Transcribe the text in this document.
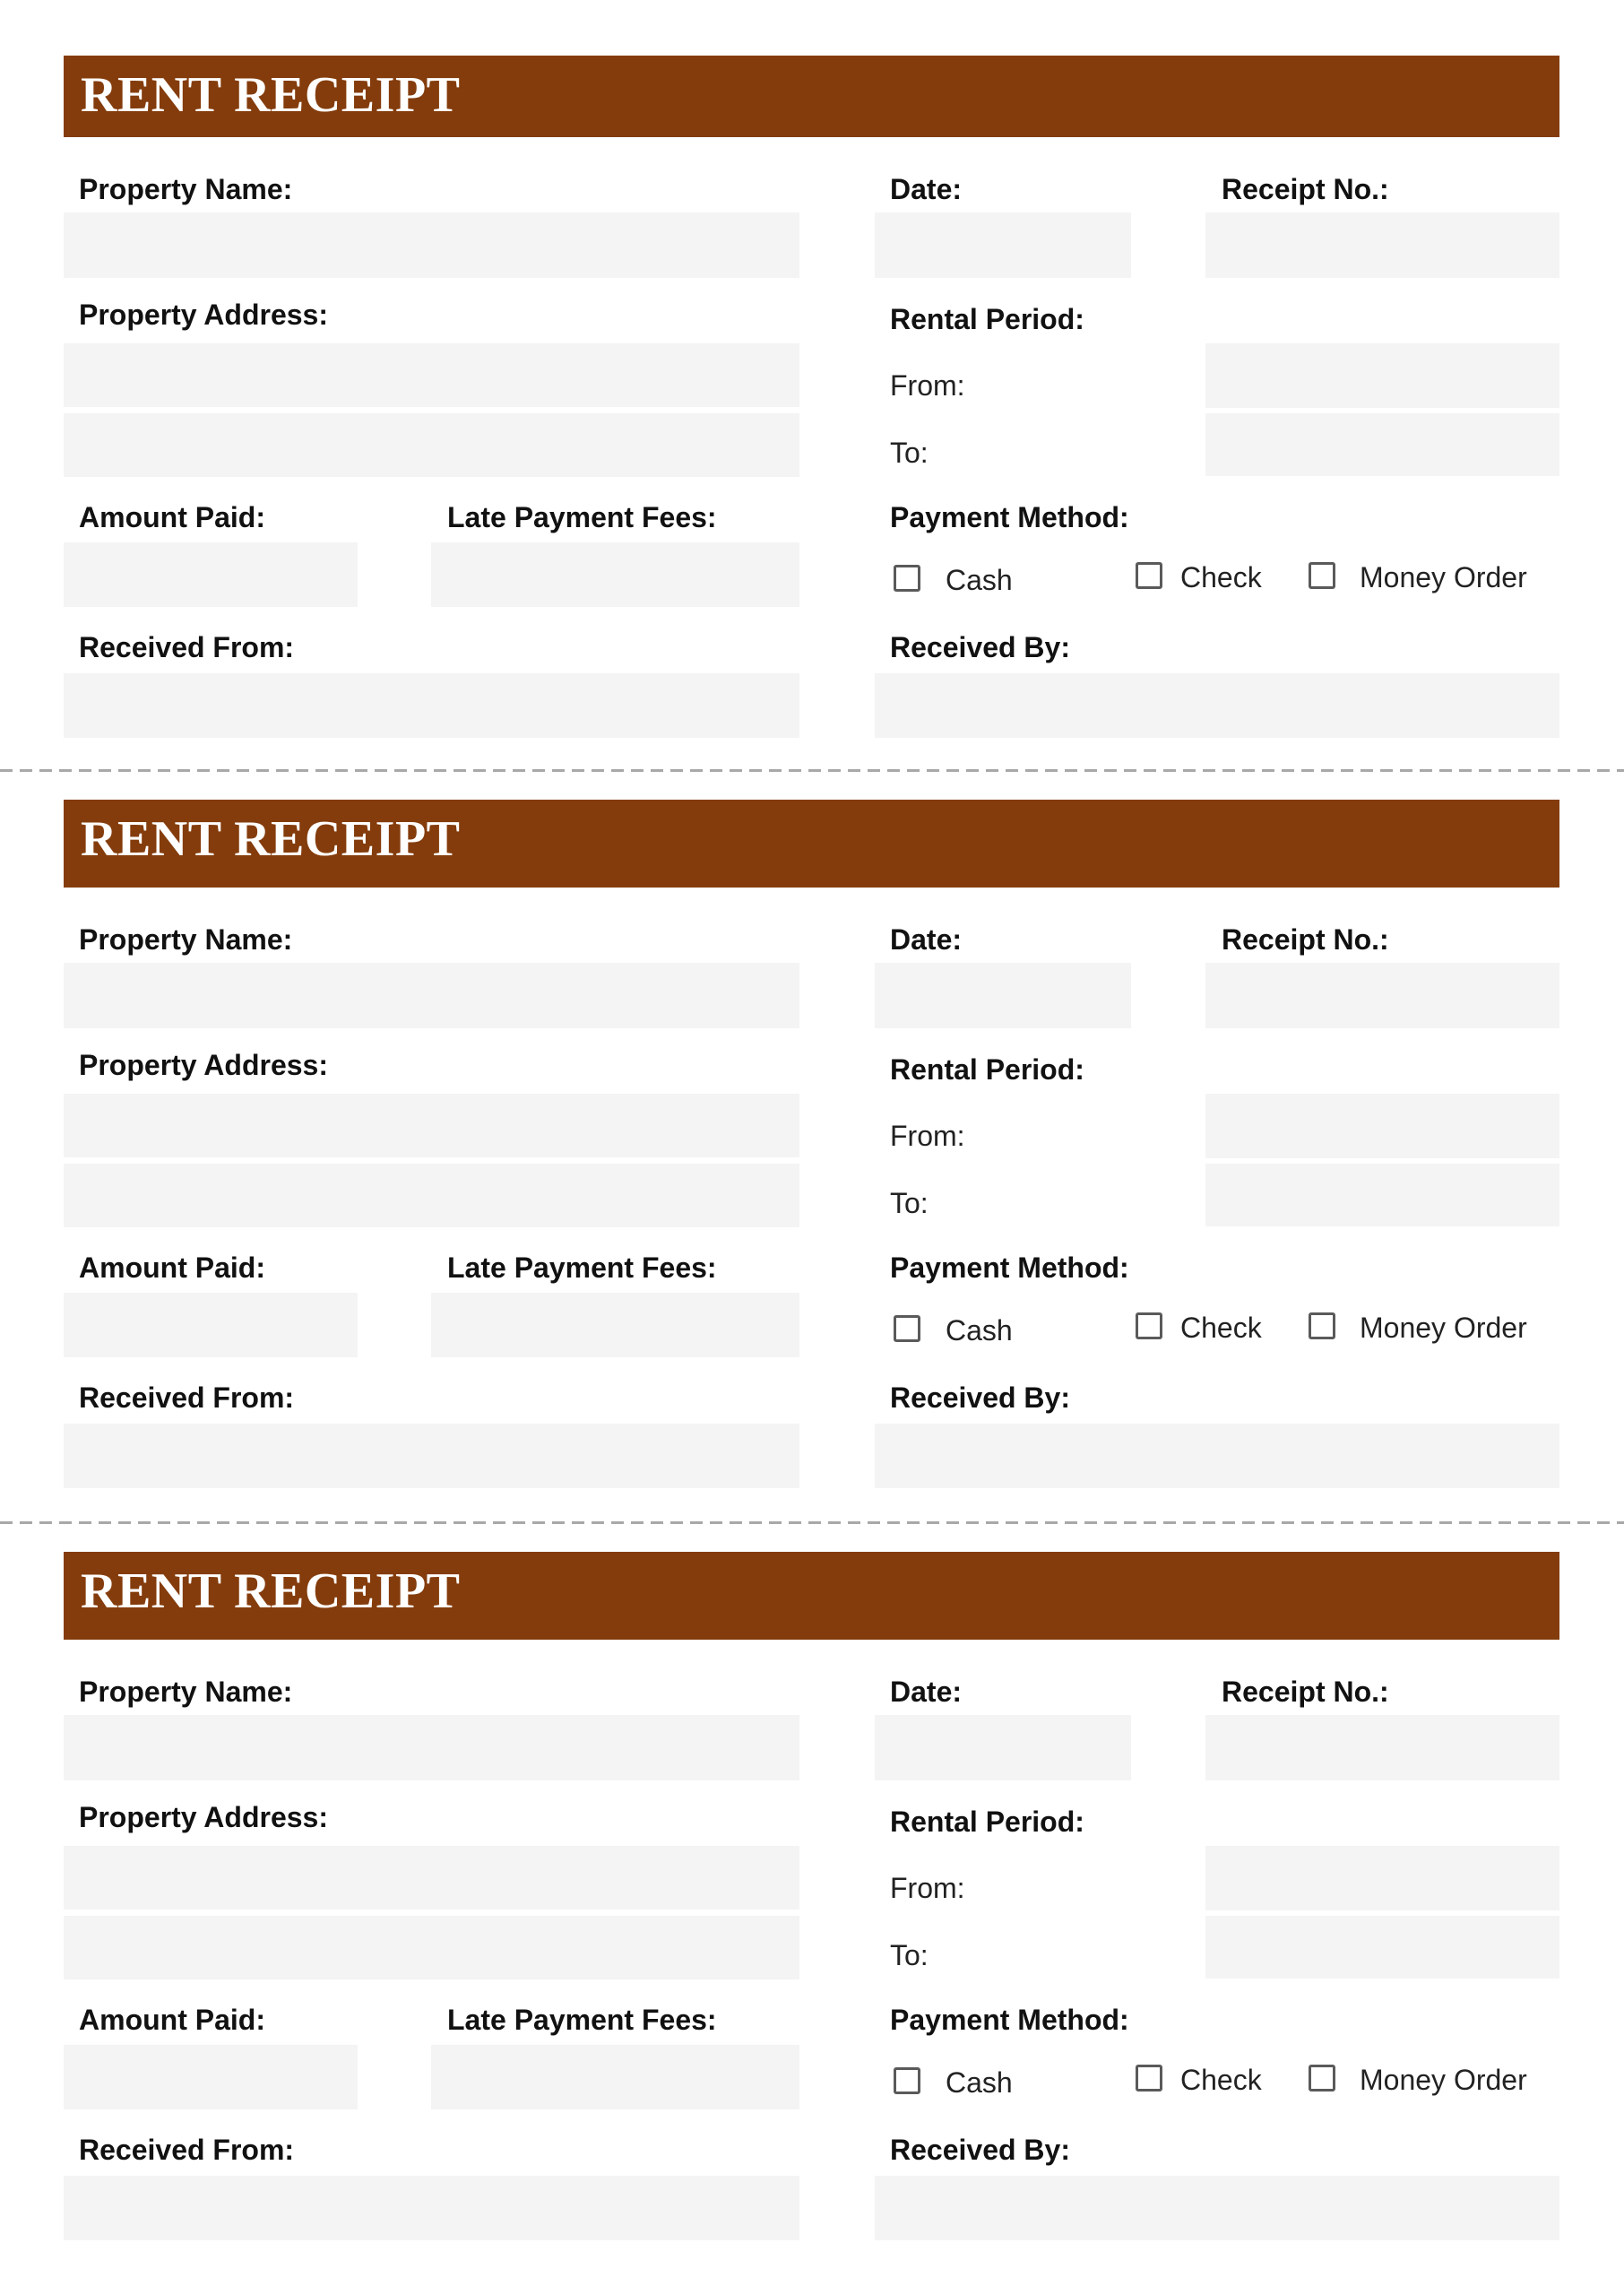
RENT RECEIPT
Property Name:	Date:	Receipt No.:
Property Address:	Rental Period:
From:
To:
Amount Paid:	Late Payment Fees:	Payment Method:
Cash	Check	Money Order
Received From:	Received By:
RENT RECEIPT
Property Name:	Date:	Receipt No.:
Property Address:	Rental Period:
From:
To:
Amount Paid:	Late Payment Fees:	Payment Method:
Cash	Check	Money Order
Received From:	Received By:
RENT RECEIPT
Property Name:	Date:	Receipt No.:
Property Address:	Rental Period:
From:
To:
Amount Paid:	Late Payment Fees:	Payment Method:
Cash	Check	Money Order
Received From:	Received By:
